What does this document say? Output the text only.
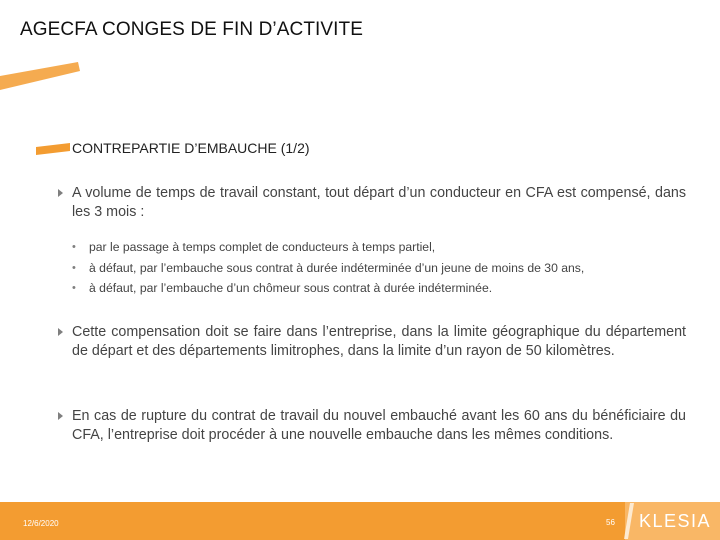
AGECFA CONGES DE FIN D’ACTIVITE
CONTREPARTIE D’EMBAUCHE (1/2)
A volume de temps de travail constant, tout départ d’un conducteur en CFA est compensé, dans les 3 mois :
• par le passage à temps complet de conducteurs à temps partiel,
• à défaut, par l’embauche sous contrat à durée indéterminée d’un jeune de moins de 30 ans,
• à défaut, par l’embauche d’un chômeur sous contrat à durée indéterminée.
Cette compensation doit se faire dans l’entreprise, dans la limite géographique du département de départ et des départements limitrophes, dans la limite d’un rayon de 50 kilomètres.
En cas de rupture du contrat de travail du nouvel embauché avant les 60 ans du bénéficiaire du CFA, l’entreprise doit procéder à une nouvelle embauche dans les mêmes conditions.
12/6/2020	56 KLESIA
